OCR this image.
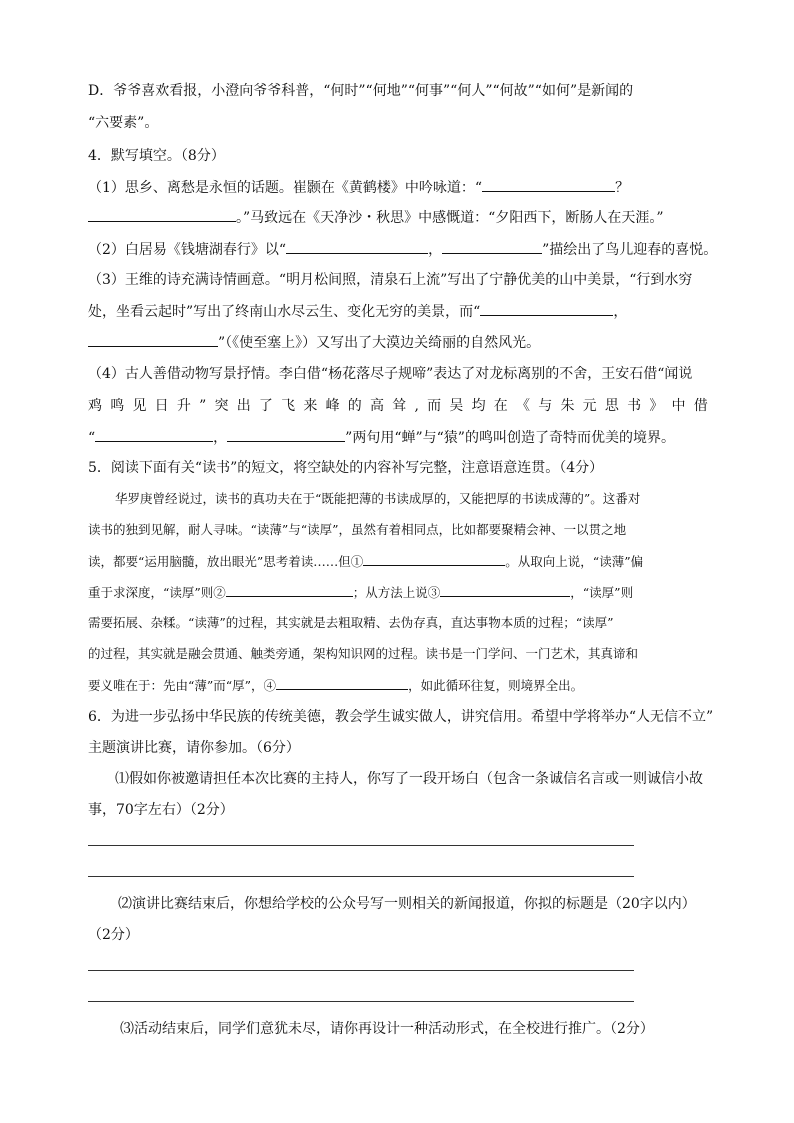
D．爷爷喜欢看报，小澄向爷爷科普，“何时”“何地”“何事”“何人”“何故”“如何”是新闻的
“六要素”。
4．默写填空。（8分）
（1）思乡、离愁是永恒的话题。崔颢在《黄鹤楼》中吟咏道：“	？
。”马致远在《天净沙・秋思》中感慨道：“夕阳西下，断肠人在天涯。”
（2）白居易《钱塘湖春行》以“	，	”描绘出了鸟儿迎春的喜悦。
（3）王维的诗充满诗情画意。“明月松间照，清泉石上流”写出了宁静优美的山中美景，“行到水穷
处，坐看云起时”写出了终南山水尽云生、变化无穷的美景，而“	，
”（《使至塞上》）又写出了大漠边关绮丽的自然风光。
（4）古人善借动物写景抒情。李白借“杨花落尽子规啼”表达了对龙标离别的不舍，王安石借“闻说
鸡 鸣 见 日 升 ” 突 出 了 飞 来 峰 的 高 耸 , 而 吴 均 在 《 与 朱 元 思 书 》 中 借
“	，	”两句用“蝉”与“猿”的鸣叫创造了奇特而优美的境界。
5．阅读下面有关“读书”的短文，将空缺处的内容补写完整，注意语意连贯。（4分）
华罗庚曾经说过，读书的真功夫在于“既能把薄的书读成厚的，又能把厚的书读成薄的”。这番对
读书的独到见解，耐人寻味。“读薄”与“读厚”，虽然有着相同点，比如都要聚精会神、一以贯之地
读，都要“运用脑髓，放出眼光”思考着读……但①	。从取向上说，“读薄”偏
重于求深度，“读厚”则②	；从方法上说③	，“读厚”则
需要拓展、杂糅。“读薄”的过程，其实就是去粗取精、去伪存真，直达事物本质的过程；“读厚”
的过程，其实就是融会贯通、触类旁通，架构知识网的过程。读书是一门学问、一门艺术，其真谛和
要义唯在于：先由“薄”而“厚”，④	，如此循环往复，则境界全出。
6．为进一步弘扬中华民族的传统美德，教会学生诚实做人，讲究信用。希望中学将举办“人无信不立”
主题演讲比赛，请你参加。（6分）
⑴假如你被邀请担任本次比赛的主持人，你写了一段开场白（包含一条诚信名言或一则诚信小故
事，70字左右）（2分）
⑵演讲比赛结束后，你想给学校的公众号写一则相关的新闻报道，你拟的标题是（20字以内）
（2分）
⑶活动结束后，同学们意犹未尽，请你再设计一种活动形式，在全校进行推广。（2分）
